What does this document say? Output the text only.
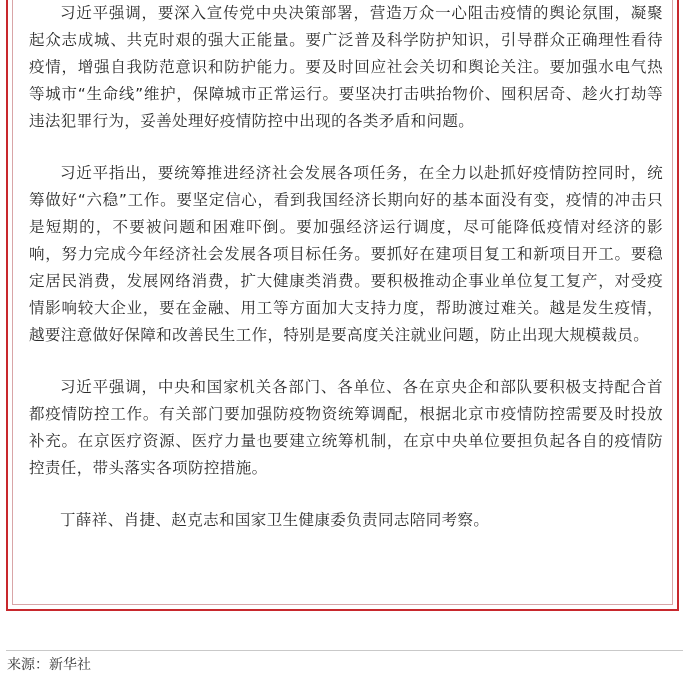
习近平强调，要深入宣传党中央决策部署，营造万众一心阻击疫情的舆论氛围，凝聚起众志成城、共克时艰的强大正能量。要广泛普及科学防护知识，引导群众正确理性看待疫情，增强自我防范意识和防护能力。要及时回应社会关切和舆论关注。要加强水电气热等城市“生命线”维护，保障城市正常运行。要坚决打击哄抬物价、囤积居奇、趁火打劫等违法犯罪行为，妥善处理好疫情防控中出现的各类矛盾和问题。

习近平指出，要统筹推进经济社会发展各项任务，在全力以赴抓好疫情防控同时，统筹做好“六稳”工作。要坚定信心，看到我国经济长期向好的基本面没有变，疫情的冲击只是短期的，不要被问题和困难吓倒。要加强经济运行调度，尽可能降低疫情对经济的影响，努力完成今年经济社会发展各项目标任务。要抓好在建项目复工和新项目开工。要稳定居民消费，发展网络消费，扩大健康类消费。要积极推动企事业单位复工复产，对受疫情影响较大企业，要在金融、用工等方面加大支持力度，帮助渡过难关。越是发生疫情，越要注意做好保障和改善民生工作，特别是要高度关注就业问题，防止出现大规模裁员。

习近平强调，中央和国家机关各部门、各单位、各在京央企和部队要积极支持配合首都疫情防控工作。有关部门要加强防疫物资统筹调配，根据北京市疫情防控需要及时投放补充。在京医疗资源、医疗力量也要建立统筹机制，在京中央单位要担负起各自的疫情防控责任，带头落实各项防控措施。

丁薛祥、肖捷、赵克志和国家卫生健康委负责同志陪同考察。

来源：新华社
